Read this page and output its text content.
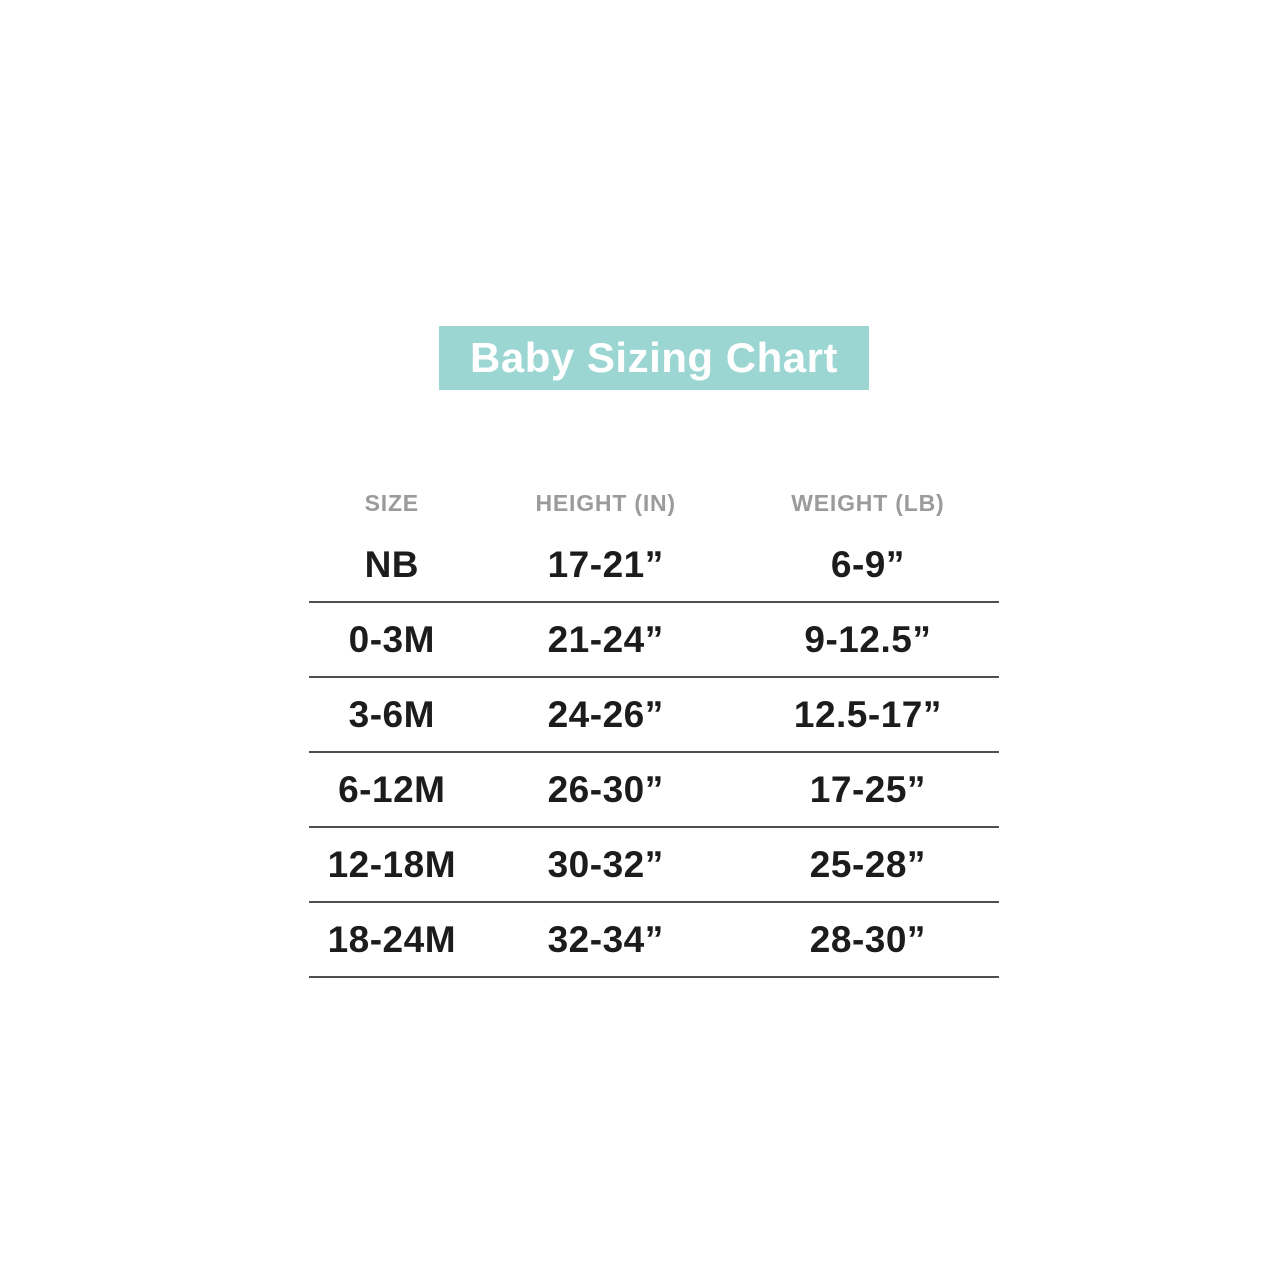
Baby Sizing Chart
SIZE	HEIGHT (IN)	WEIGHT (LB)
NB	17-21”	6-9”
0-3M	21-24”	9-12.5”
3-6M	24-26”	12.5-17”
6-12M	26-30”	17-25”
12-18M	30-32”	25-28”
18-24M	32-34”	28-30”
